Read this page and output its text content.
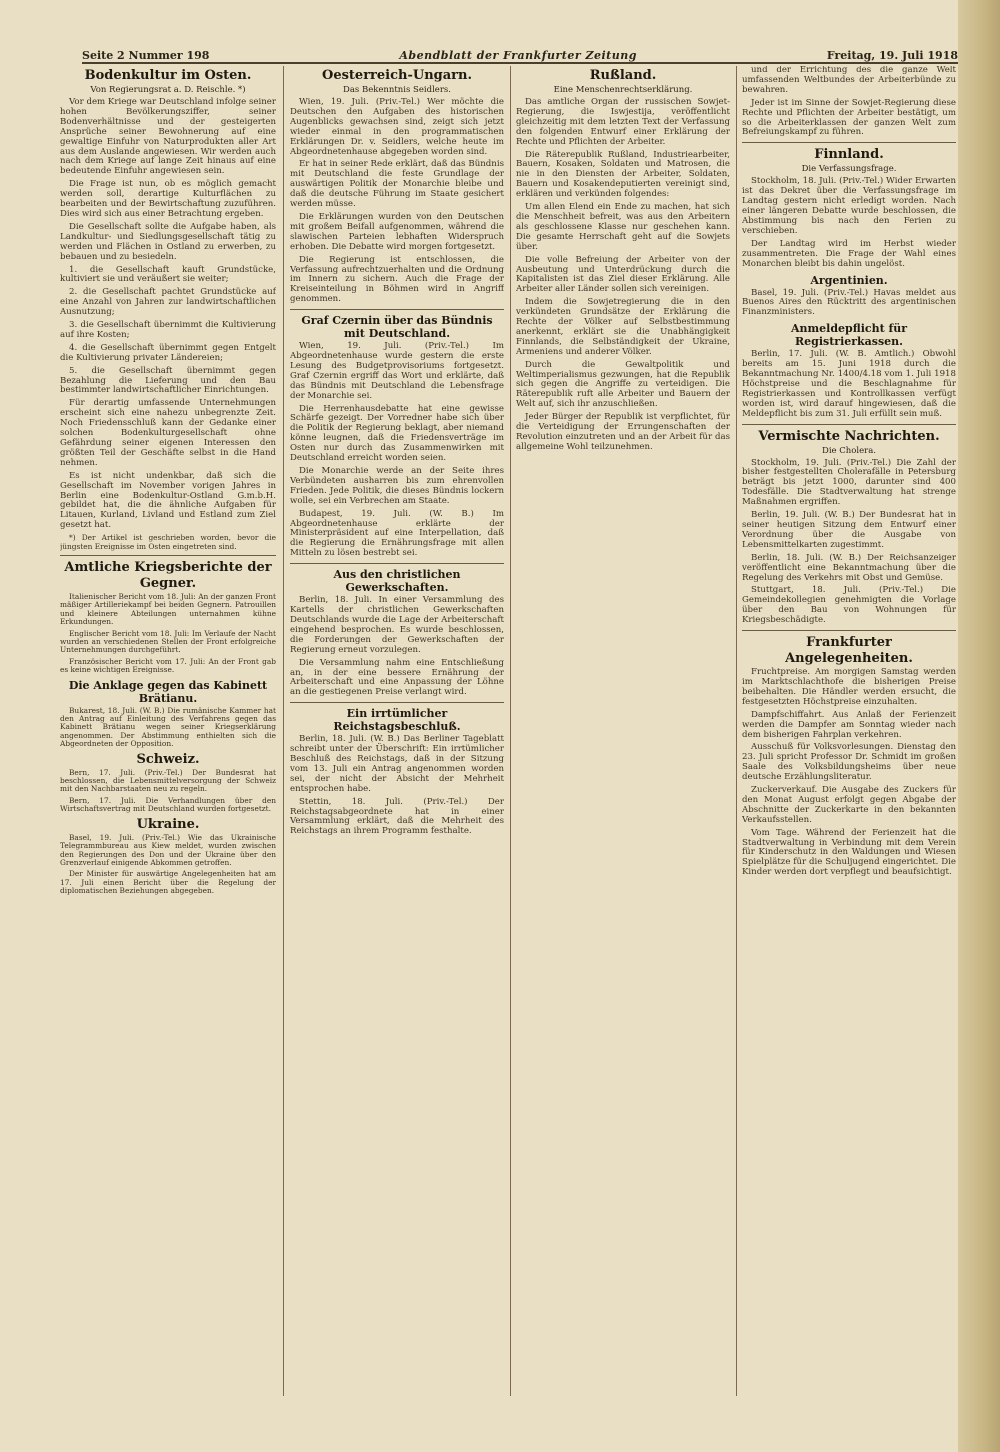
Seite 2 Nummer 198	Abendblatt der Frankfurter Zeitung	Freitag, 19. Juli 1918
Bodenkultur im Osten.
Von Regierungsrat a. D. Reischle. *)

Vor dem Kriege war Deutschland infolge seiner hohen Bevölkerungsziffer, seiner Bodenverhältnisse und der gesteigerten Ansprüche seiner Bewohnerung auf eine gewaltige Einfuhr von Naturprodukten aller Art aus dem Auslande angewiesen. Wir werden auch nach dem Kriege auf lange Zeit hinaus auf eine bedeutende Einfuhr angewiesen sein.

Die Frage ist nun, ob es möglich gemacht werden soll, derartige Kulturflächen zu bearbeiten und der Bewirtschaftung zuzuführen. Dies wird sich aus einer Betrachtung ergeben.

Die Gesellschaft sollte die Aufgabe haben, als Landkultur- und Siedlungsgesellschaft tätig zu werden und Flächen in Ostland zu erwerben, zu bebauen und zu besiedeln.

1. die Gesellschaft kauft Grundstücke, kultiviert sie und veräußert sie weiter;

2. die Gesellschaft pachtet Grundstücke auf eine Anzahl von Jahren zur landwirtschaftlichen Ausnutzung;

3. die Gesellschaft übernimmt die Kultivierung auf ihre Kosten;

4. die Gesellschaft übernimmt gegen Entgelt die Kultivierung privater Ländereien;

5. die Gesellschaft übernimmt gegen Bezahlung die Lieferung und den Bau bestimmter landwirtschaftlicher Einrichtungen.

Für derartig umfassende Unternehmungen erscheint sich eine nahezu unbegrenzte Zeit. Noch Friedensschluß kann der Gedanke einer solchen Bodenkulturgesellschaft ohne Gefährdung seiner eigenen Interessen den größten Teil der Geschäfte selbst in die Hand nehmen.

Es ist nicht undenkbar, daß sich die Gesellschaft im November vorigen Jahres in Berlin eine Bodenkultur-Ostland G.m.b.H. gebildet hat, die die ähnliche Aufgaben für Litauen, Kurland, Livland und Estland zum Ziel gesetzt hat.

*) Der Artikel ist geschrieben worden, bevor die jüngsten Ereignisse im Osten eingetreten sind.

Amtliche Kriegsberichte der Gegner.

Italienischer Bericht vom 18. Juli: An der ganzen Front mäßiger Artilleriekampf bei beiden Gegnern. Patrouillen und kleinere Abteilungen unternahmen kühne Erkundungen.

Englischer Bericht vom 18. Juli: Im Verlaufe der Nacht wurden an verschiedenen Stellen der Front erfolgreiche Unternehmungen durchgeführt.

Französischer Bericht vom 17. Juli: An der Front gab es keine wichtigen Ereignisse.

Die Anklage gegen das Kabinett Brätianu.

Bukarest, 18. Juli. (W. B.) Die rumänische Kammer hat den Antrag auf Einleitung des Verfahrens gegen das Kabinett Brätianu wegen seiner Kriegserklärung angenommen. Der Abstimmung enthielten sich die Abgeordneten der Opposition.

Schweiz.

Bern, 17. Juli. (Priv.-Tel.) Der Bundesrat hat beschlossen, die Lebensmittelversorgung der Schweiz mit den Nachbarstaaten neu zu regeln.

Bern, 17. Juli. Die Verhandlungen über den Wirtschaftsvertrag mit Deutschland wurden fortgesetzt.

Ukraine.

Basel, 19. Juli. (Priv.-Tel.) Wie das Ukrainische Telegrammbureau aus Kiew meldet, wurden zwischen den Regierungen des Don und der Ukraine über den Grenzverlauf einigende Abkommen getroffen.

Der Minister für auswärtige Angelegenheiten hat am 17. Juli einen Bericht über die Regelung der diplomatischen Beziehungen abgegeben.

Oesterreich-Ungarn.
Das Bekenntnis Seidlers.

Wien, 19. Juli. (Priv.-Tel.) Wer möchte die Deutschen den Aufgaben des historischen Augenblicks gewachsen sind, zeigt sich jetzt wieder einmal in den programmatischen Erklärungen Dr. v. Seidlers, welche heute im Abgeordnetenhause abgegeben worden sind.

Er hat in seiner Rede erklärt, daß das Bündnis mit Deutschland die feste Grundlage der auswärtigen Politik der Monarchie bleibe und daß die deutsche Führung im Staate gesichert werden müsse.

Die Erklärungen wurden von den Deutschen mit großem Beifall aufgenommen, während die slawischen Parteien lebhaften Widerspruch erhoben. Die Debatte wird morgen fortgesetzt.

Die Regierung ist entschlossen, die Verfassung aufrechtzuerhalten und die Ordnung im Innern zu sichern. Auch die Frage der Kreiseinteilung in Böhmen wird in Angriff genommen.

Graf Czernin über das Bündnis mit Deutschland.

Wien, 19. Juli. (Priv.-Tel.) Im Abgeordnetenhause wurde gestern die erste Lesung des Budgetprovisoriums fortgesetzt. Graf Czernin ergriff das Wort und erklärte, daß das Bündnis mit Deutschland die Lebensfrage der Monarchie sei.

Die Herrenhausdebatte hat eine gewisse Schärfe gezeigt. Der Vorredner habe sich über die Politik der Regierung beklagt, aber niemand könne leugnen, daß die Friedensverträge im Osten nur durch das Zusammenwirken mit Deutschland erreicht worden seien.

Die Monarchie werde an der Seite ihres Verbündeten ausharren bis zum ehrenvollen Frieden. Jede Politik, die dieses Bündnis lockern wolle, sei ein Verbrechen am Staate.

Budapest, 19. Juli. (W. B.) Im Abgeordnetenhause erklärte der Ministerpräsident auf eine Interpellation, daß die Regierung die Ernährungsfrage mit allen Mitteln zu lösen bestrebt sei.

Aus den christlichen Gewerkschaften.

Berlin, 18. Juli. In einer Versammlung des Kartells der christlichen Gewerkschaften Deutschlands wurde die Lage der Arbeiterschaft eingehend besprochen. Es wurde beschlossen, die Forderungen der Gewerkschaften der Regierung erneut vorzulegen.

Die Versammlung nahm eine Entschließung an, in der eine bessere Ernährung der Arbeiterschaft und eine Anpassung der Löhne an die gestiegenen Preise verlangt wird.

Ein irrtümlicher Reichstagsbeschluß.

Berlin, 18. Juli. (W. B.) Das Berliner Tageblatt schreibt unter der Überschrift: Ein irrtümlicher Beschluß des Reichstags, daß in der Sitzung vom 13. Juli ein Antrag angenommen worden sei, der nicht der Absicht der Mehrheit entsprochen habe.

Stettin, 18. Juli. (Priv.-Tel.) Der Reichstagsabgeordnete hat in einer Versammlung erklärt, daß die Mehrheit des Reichstags an ihrem Programm festhalte.

Rußland.
Eine Menschenrechtserklärung.

Das amtliche Organ der russischen Sowjet-Regierung, die Iswjestija, veröffentlicht gleichzeitig mit dem letzten Text der Verfassung den folgenden Entwurf einer Erklärung der Rechte und Pflichten der Arbeiter.

Die Räterepublik Rußland, Industriearbeiter, Bauern, Kosaken, Soldaten und Matrosen, die nie in den Diensten der Arbeiter, Soldaten, Bauern und Kosakendeputierten vereinigt sind, erklären und verkünden folgendes:

Um allen Elend ein Ende zu machen, hat sich die Menschheit befreit, was aus den Arbeitern als geschlossene Klasse nur geschehen kann. Die gesamte Herrschaft geht auf die Sowjets über.

Die volle Befreiung der Arbeiter von der Ausbeutung und Unterdrückung durch die Kapitalisten ist das Ziel dieser Erklärung. Alle Arbeiter aller Länder sollen sich vereinigen.

Indem die Sowjetregierung die in den verkündeten Grundsätze der Erklärung die Rechte der Völker auf Selbstbestimmung anerkennt, erklärt sie die Unabhängigkeit Finnlands, die Selbständigkeit der Ukraine, Armeniens und anderer Völker.

Durch die Gewaltpolitik und Weltimperialismus gezwungen, hat die Republik sich gegen die Angriffe zu verteidigen. Die Räterepublik ruft alle Arbeiter und Bauern der Welt auf, sich ihr anzuschließen.

Jeder Bürger der Republik ist verpflichtet, für die Verteidigung der Errungenschaften der Revolution einzutreten und an der Arbeit für das allgemeine Wohl teilzunehmen.

und der Errichtung des die ganze Welt umfassenden Weltbundes der Arbeiterbünde zu bewahren.

Jeder ist im Sinne der Sowjet-Regierung diese Rechte und Pflichten der Arbeiter bestätigt, um so die Arbeiterklassen der ganzen Welt zum Befreiungskampf zu führen.

Finnland.
Die Verfassungsfrage.

Stockholm, 18. Juli. (Priv.-Tel.) Wider Erwarten ist das Dekret über die Verfassungsfrage im Landtag gestern nicht erledigt worden. Nach einer längeren Debatte wurde beschlossen, die Abstimmung bis nach den Ferien zu verschieben.

Der Landtag wird im Herbst wieder zusammentreten. Die Frage der Wahl eines Monarchen bleibt bis dahin ungelöst.

Argentinien.

Basel, 19. Juli. (Priv.-Tel.) Havas meldet aus Buenos Aires den Rücktritt des argentinischen Finanzministers.

Anmeldepflicht für Registrierkassen.

Berlin, 17. Juli. (W. B. Amtlich.) Obwohl bereits am 15. Juni 1918 durch die Bekanntmachung Nr. 1400/4.18 vom 1. Juli 1918 Höchstpreise und die Beschlagnahme für Registrierkassen und Kontrollkassen verfügt worden ist, wird darauf hingewiesen, daß die Meldepflicht bis zum 31. Juli erfüllt sein muß.

Vermischte Nachrichten.
Die Cholera.

Stockholm, 19. Juli. (Priv.-Tel.) Die Zahl der bisher festgestellten Cholerafälle in Petersburg beträgt bis jetzt 1000, darunter sind 400 Todesfälle. Die Stadtverwaltung hat strenge Maßnahmen ergriffen.

Berlin, 19. Juli. (W. B.) Der Bundesrat hat in seiner heutigen Sitzung dem Entwurf einer Verordnung über die Ausgabe von Lebensmittelkarten zugestimmt.

Berlin, 18. Juli. (W. B.) Der Reichsanzeiger veröffentlicht eine Bekanntmachung über die Regelung des Verkehrs mit Obst und Gemüse.

Stuttgart, 18. Juli. (Priv.-Tel.) Die Gemeindekollegien genehmigten die Vorlage über den Bau von Wohnungen für Kriegsbeschädigte.

Frankfurter Angelegenheiten.

Fruchtpreise. Am morgigen Samstag werden im Marktschlachthofe die bisherigen Preise beibehalten. Die Händler werden ersucht, die festgesetzten Höchstpreise einzuhalten.

Dampfschiffahrt. Aus Anlaß der Ferienzeit werden die Dampfer am Sonntag wieder nach dem bisherigen Fahrplan verkehren.

Ausschuß für Volksvorlesungen. Dienstag den 23. Juli spricht Professor Dr. Schmidt im großen Saale des Volksbildungsheims über neue deutsche Erzählungsliteratur.

Zuckerverkauf. Die Ausgabe des Zuckers für den Monat August erfolgt gegen Abgabe der Abschnitte der Zuckerkarte in den bekannten Verkaufsstellen.

Vom Tage. Während der Ferienzeit hat die Stadtverwaltung in Verbindung mit dem Verein für Kinderschutz in den Waldungen und Wiesen Spielplätze für die Schuljugend eingerichtet. Die Kinder werden dort verpflegt und beaufsichtigt.
